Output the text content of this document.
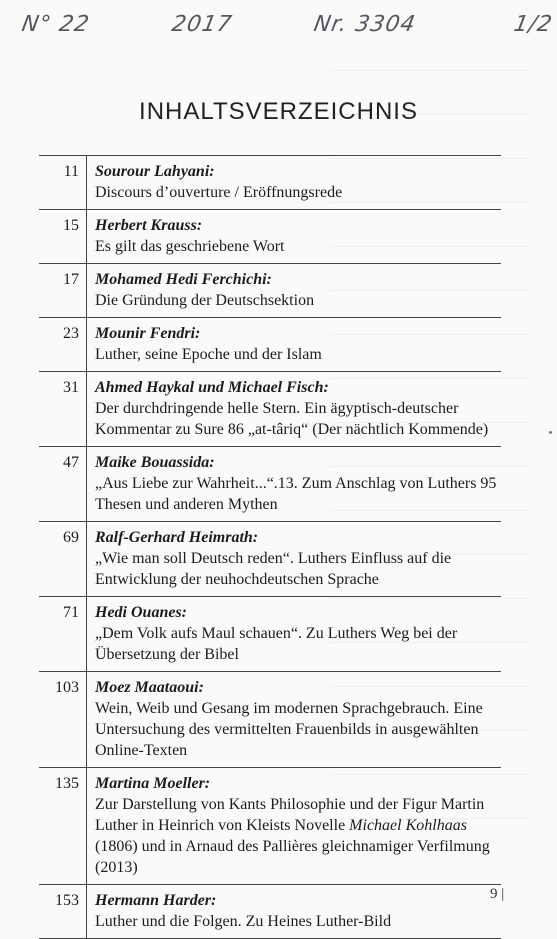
N° 22	2017	Nr. 3304	1/2
INHALTSVERZEICHNIS
11	Sourour Lahyani:
Discours d’ouverture / Eröffnungsrede
15	Herbert Krauss:
Es gilt das geschriebene Wort
17	Mohamed Hedi Ferchichi:
Die Gründung der Deutschsektion
23	Mounir Fendri:
Luther, seine Epoche und der Islam
31	Ahmed Haykal und Michael Fisch:
Der durchdringende helle Stern. Ein ägyptisch-deutscher Kommentar zu Sure 86 „at-târiq“ (Der nächtlich Kommende)
47	Maike Bouassida:
„Aus Liebe zur Wahrheit...“.13. Zum Anschlag von Luthers 95 Thesen und anderen Mythen
69	Ralf-Gerhard Heimrath:
„Wie man soll Deutsch reden“. Luthers Einfluss auf die Entwicklung der neuhochdeutschen Sprache
71	Hedi Ouanes:
„Dem Volk aufs Maul schauen“. Zu Luthers Weg bei der Übersetzung der Bibel
103	Moez Maataoui:
Wein, Weib und Gesang im modernen Sprachgebrauch. Eine Untersuchung des vermittelten Frauenbilds in ausgewählten Online-Texten
135	Martina Moeller:
Zur Darstellung von Kants Philosophie und der Figur Martin Luther in Heinrich von Kleists Novelle Michael Kohlhaas (1806) und in Arnaud des Pallières gleichnamiger Verfilmung (2013)
153	Hermann Harder:
Luther und die Folgen. Zu Heines Luther-Bild
9 |
